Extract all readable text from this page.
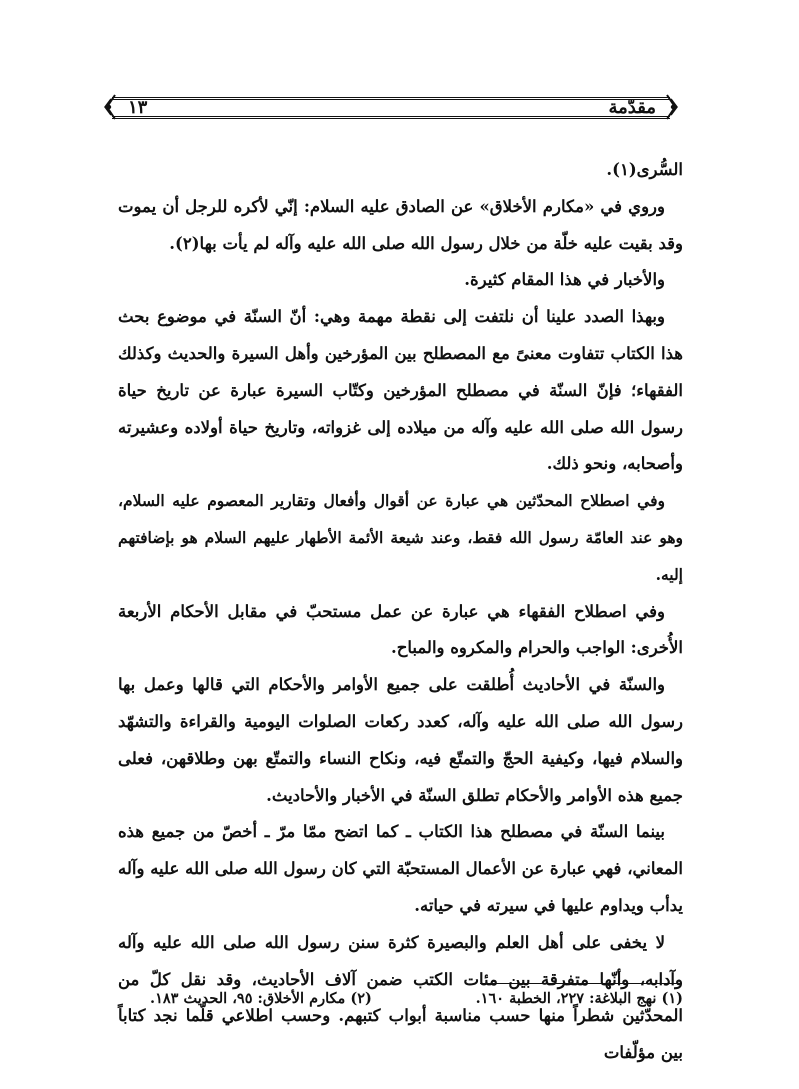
مقدّمة
١٣

السُّرى(١).

وروي في «مكارم الأخلاق» عن الصادق عليه السلام: إنّي لأكره للرجل أن يموت وقد بقيت عليه خلّة من خلال رسول الله صلى الله عليه وآله لم يأت بها(٢).

والأخبار في هذا المقام كثيرة.

وبهذا الصدد علينا أن نلتفت إلى نقطة مهمة وهي: أنّ السنّة في موضوع بحث هذا الكتاب تتفاوت معنىً مع المصطلح بين المؤرخين وأهل السيرة والحديث وكذلك الفقهاء؛ فإنّ السنّة في مصطلح المؤرخين وكتّاب السيرة عبارة عن تاريخ حياة رسول الله صلى الله عليه وآله من ميلاده إلى غزواته، وتاريخ حياة أولاده وعشيرته وأصحابه، ونحو ذلك.

وفي اصطلاح المحدّثين هي عبارة عن أقوال وأفعال وتقارير المعصوم عليه السلام، وهو عند العامّة رسول الله فقط، وعند شيعة الأئمة الأطهار عليهم السلام هو بإضافتهم إليه.

وفي اصطلاح الفقهاء هي عبارة عن عمل مستحبّ في مقابل الأحكام الأربعة الأُخرى: الواجب والحرام والمكروه والمباح.

والسنّة في الأحاديث أُطلقت على جميع الأوامر والأحكام التي قالها وعمل بها رسول الله صلى الله عليه وآله، كعدد ركعات الصلوات اليومية والقراءة والتشهّد والسلام فيها، وكيفية الحجّ والتمتّع فيه، ونكاح النساء والتمتّع بهن وطلاقهن، فعلى جميع هذه الأوامر والأحكام تطلق السنّة في الأخبار والأحاديث.

بينما السنّة في مصطلح هذا الكتاب ـ كما اتضح ممّا مرّ ـ أخصّ من جميع هذه المعاني، فهي عبارة عن الأعمال المستحبّة التي كان رسول الله صلى الله عليه وآله يدأب ويداوم عليها في سيرته في حياته.

لا يخفى على أهل العلم والبصيرة كثرة سنن رسول الله صلى الله عليه وآله وآدابه، وأنّها متفرقة بين مئات الكتب ضمن آلاف الأحاديث، وقد نقل كلّ من المحدّثين شطراً منها حسب مناسبة أبواب كتبهم. وحسب اطلاعي قلّما نجد كتاباً بين مؤلّفات

(١) نهج البلاغة: ٢٢٧، الخطبة ١٦٠.
(٢) مكارم الأخلاق: ٩٥، الحديث ١٨٣.
